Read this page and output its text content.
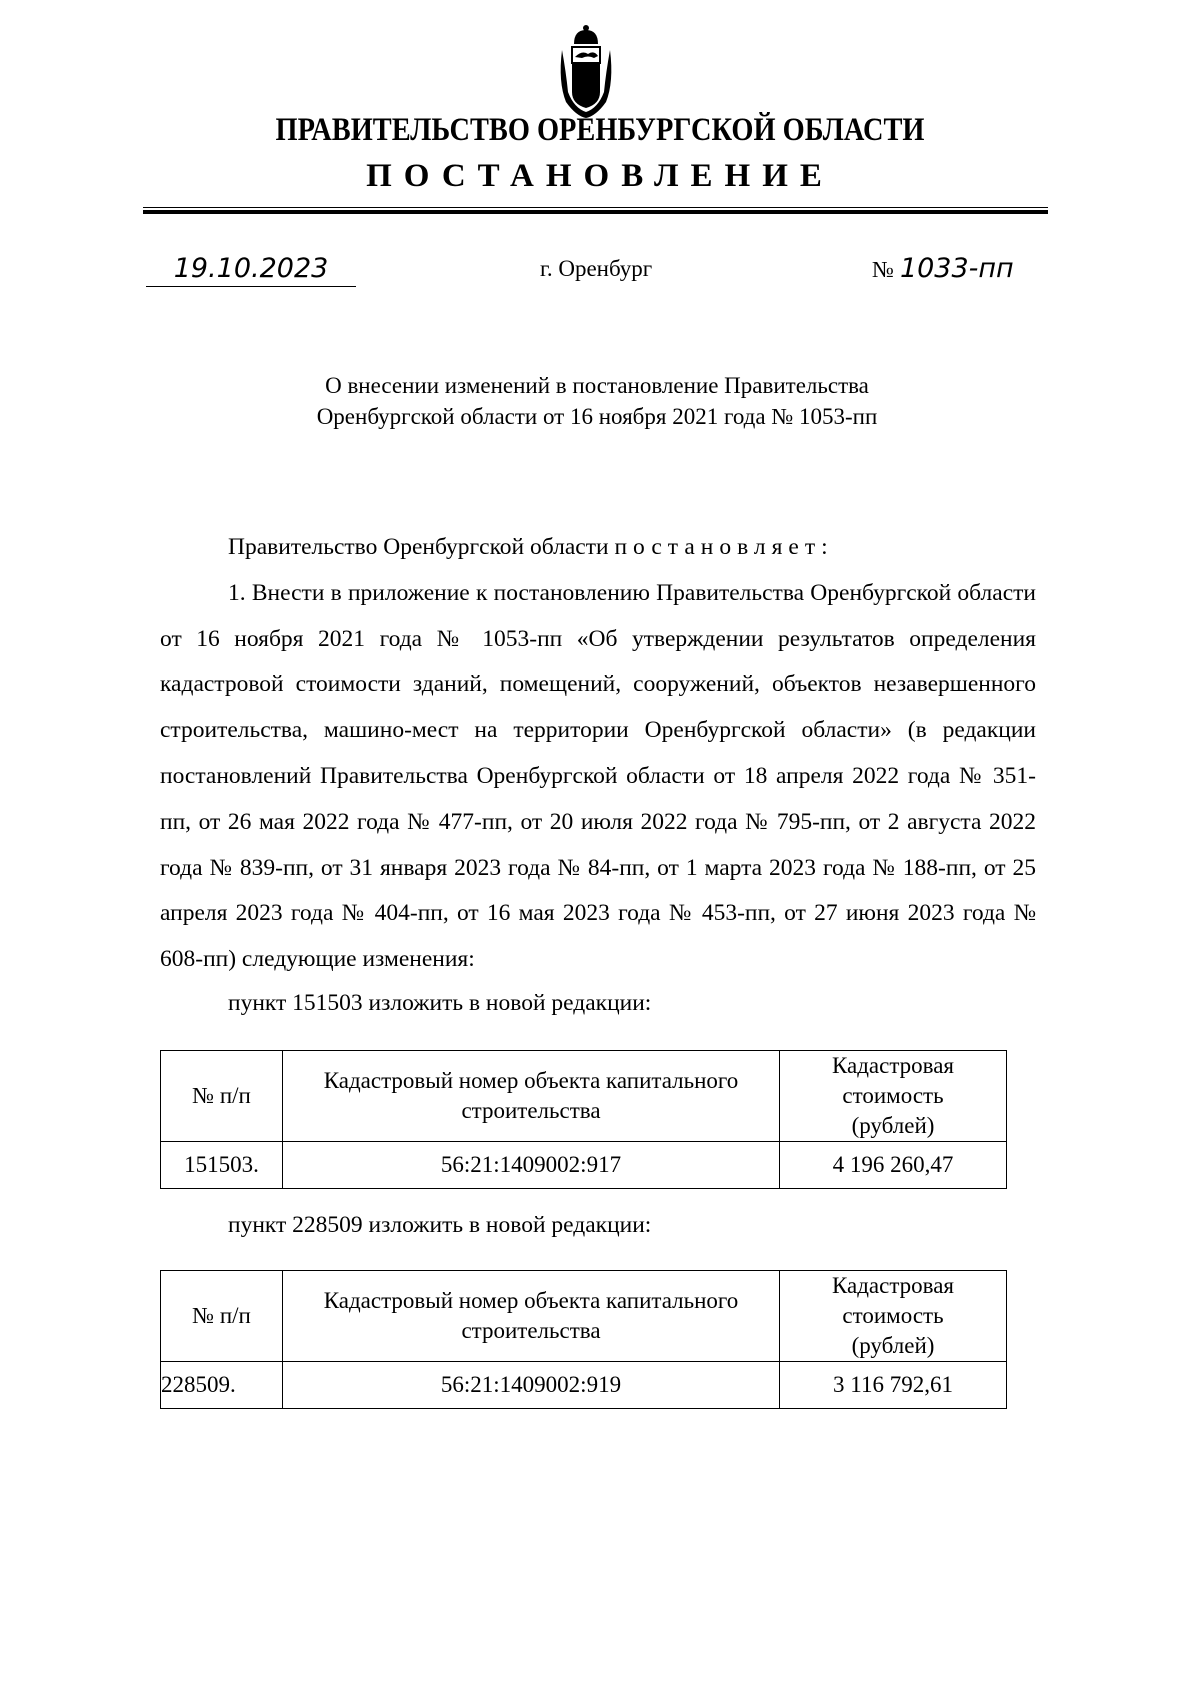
ПРАВИТЕЛЬСТВО ОРЕНБУРГСКОЙ ОБЛАСТИ
ПОСТАНОВЛЕНИЕ
19.10.2023	г. Оренбург	№ 1033-пп
О внесении изменений в постановление Правительства
Оренбургской области от 16 ноября 2021 года № 1053-пп

Правительство Оренбургской области постановляет:

1. Внести в приложение к постановлению Правительства Оренбургской области от 16 ноября 2021 года № 1053-пп «Об утверждении результатов определения кадастровой стоимости зданий, помещений, сооружений, объектов незавершенного строительства, машино-мест на территории Оренбургской области» (в редакции постановлений Правительства Оренбургской области от 18 апреля 2022 года № 351-пп, от 26 мая 2022 года № 477-пп, от 20 июля 2022 года № 795-пп, от 2 августа 2022 года № 839-пп, от 31 января 2023 года № 84-пп, от 1 марта 2023 года № 188-пп, от 25 апреля 2023 года № 404-пп, от 16 мая 2023 года № 453-пп, от 27 июня 2023 года № 608-пп) следующие изменения:

пункт 151503 изложить в новой редакции:
№ п/п	Кадастровый номер объекта капитального строительства	Кадастровая стоимость (рублей)
151503.	56:21:1409002:917	4 196 260,47
пункт 228509 изложить в новой редакции:
№ п/п	Кадастровый номер объекта капитального строительства	Кадастровая стоимость (рублей)
228509.	56:21:1409002:919	3 116 792,61
